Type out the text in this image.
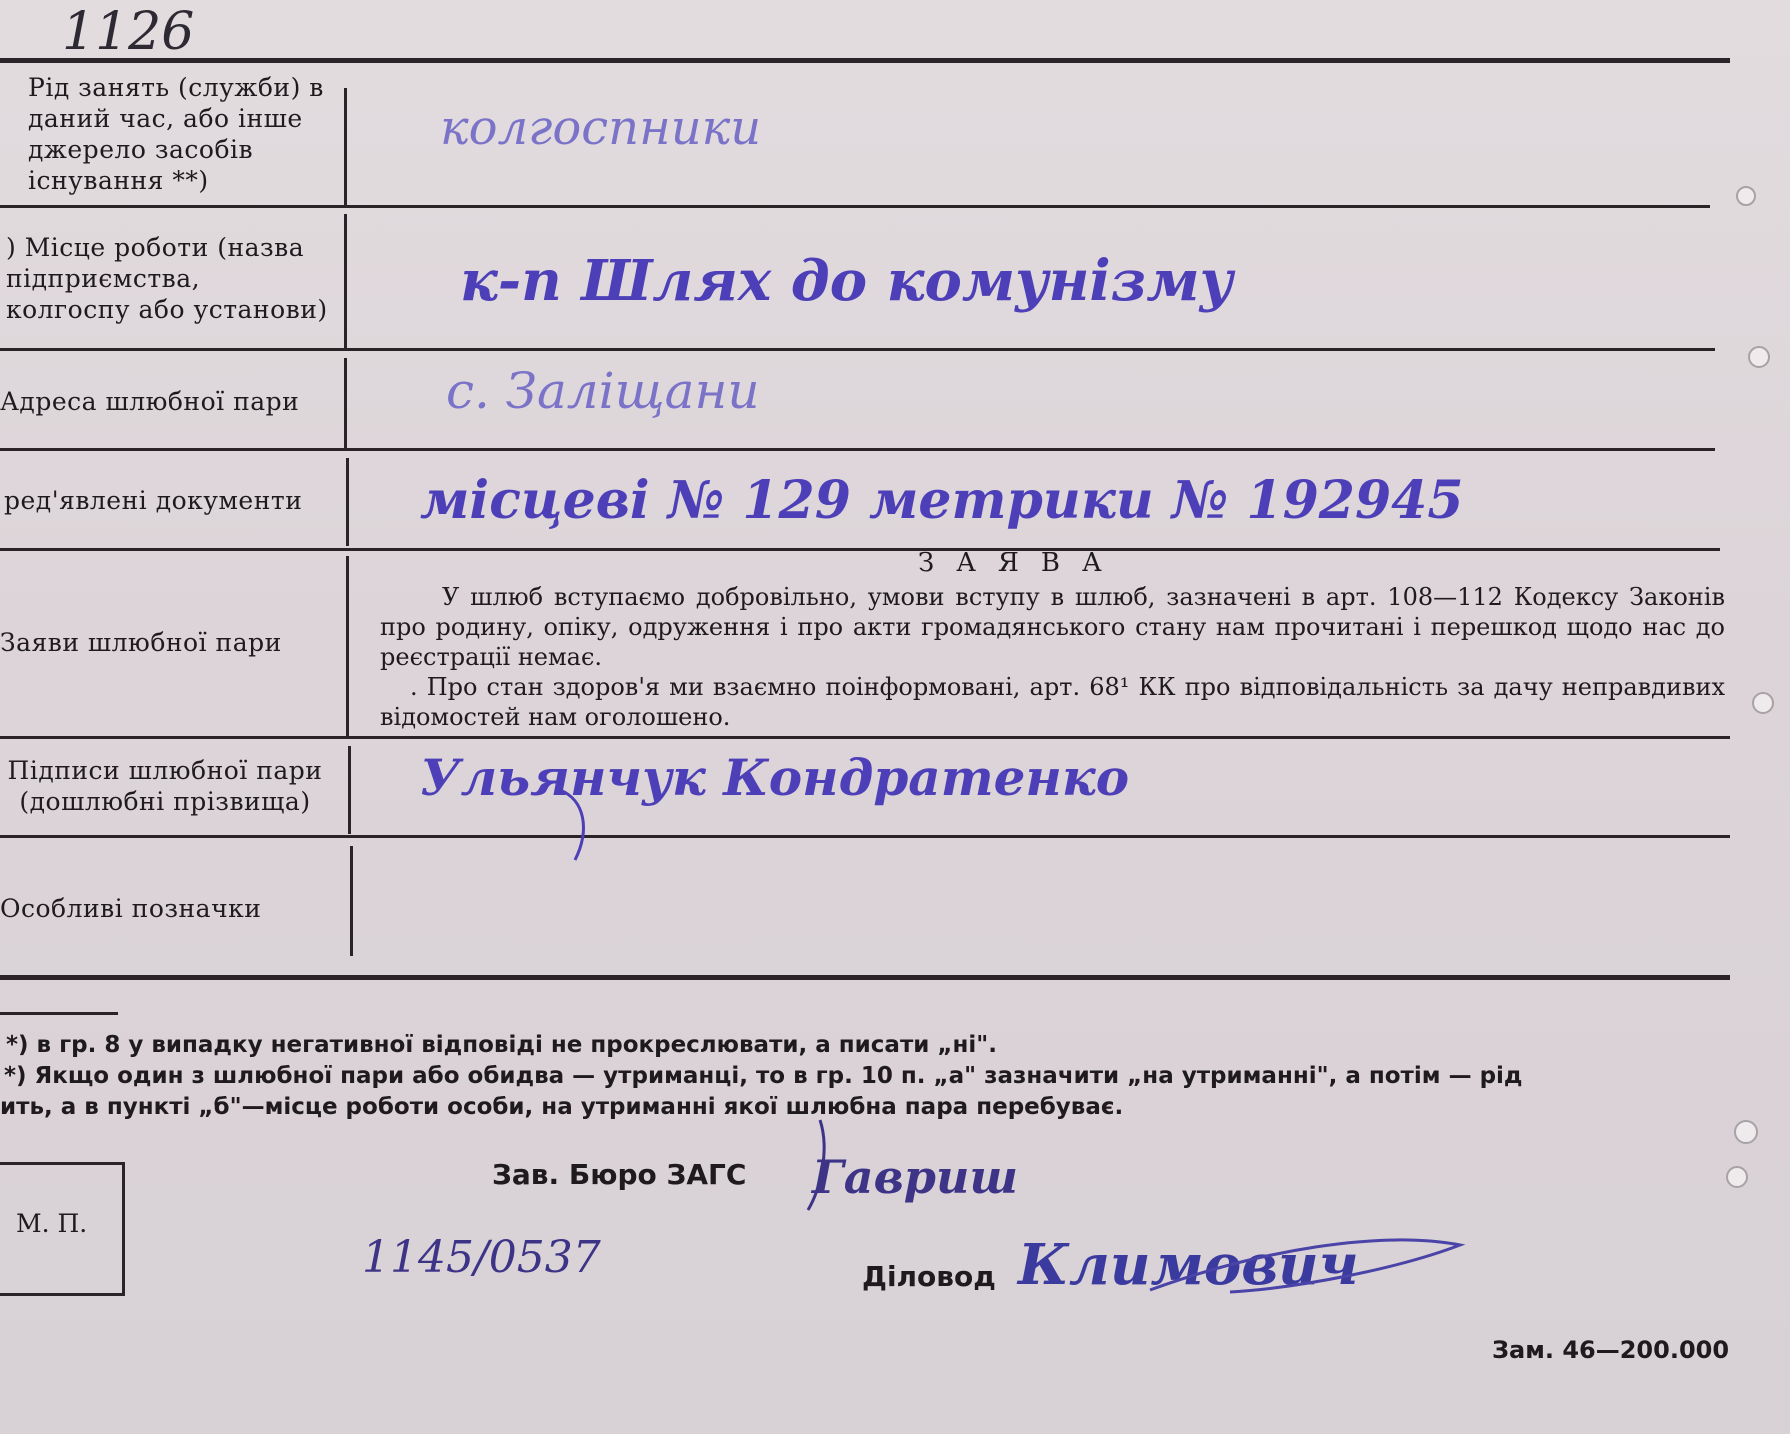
1126
Рід занять (служби) в даний час, або інше джерело засобів існування **)
) Місце роботи (назва підприємства, колгоспу або установи)
Адреса шлюбної пари
ред'явлені документи
Заяви шлюбної пари
Підписи шлюбної пари (дошлюбні прізвища)
Особливі позначки
колгоспники
к-п Шлях до комунізму
с. Заліщани
місцеві № 129 метрики № 192945
Ульянчук Кондратенко
ЗАЯВА
У шлюб вступаємо добровільно, умови вступу в шлюб, зазначені в арт. 108—112 Кодексу Законів про родину, опіку, одруження і про акти громадянського стану нам прочитані і перешкод щодо нас до реєстрації немає.
. Про стан здоров'я ми взаємно поінформовані, арт. 68¹ КК про відповідальність за дачу неправдивих відомостей нам оголошено.
*) в гр. 8 у випадку негативної відповіді не прокреслювати, а писати „ні".
*) Якщо один з шлюбної пари або обидва — утриманці, то в гр. 10 п. „а" зазначити „на утриманні", а потім — рід
ить, а в пункті „б"—місце роботи особи, на утриманні якої шлюбна пара перебуває.
М. П.
Зав. Бюро ЗАГС Гавриш
1145/0537	Діловод Климович
Зам. 46—200.000
